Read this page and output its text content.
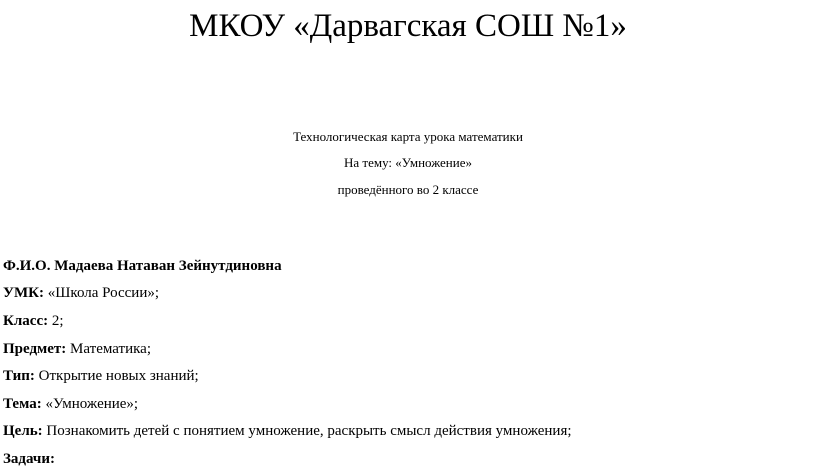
МКОУ «Дарвагская СОШ №1»
Технологическая карта урока математики
На тему: «Умножение»
проведённого во 2 классе
Ф.И.О. Мадаева Натаван Зейнутдиновна
УМК: «Школа России»;
Класс: 2;
Предмет: Математика;
Тип: Открытие новых знаний;
Тема: «Умножение»;
Цель: Познакомить детей с понятием умножение, раскрыть смысл действия умножения;
Задачи:
